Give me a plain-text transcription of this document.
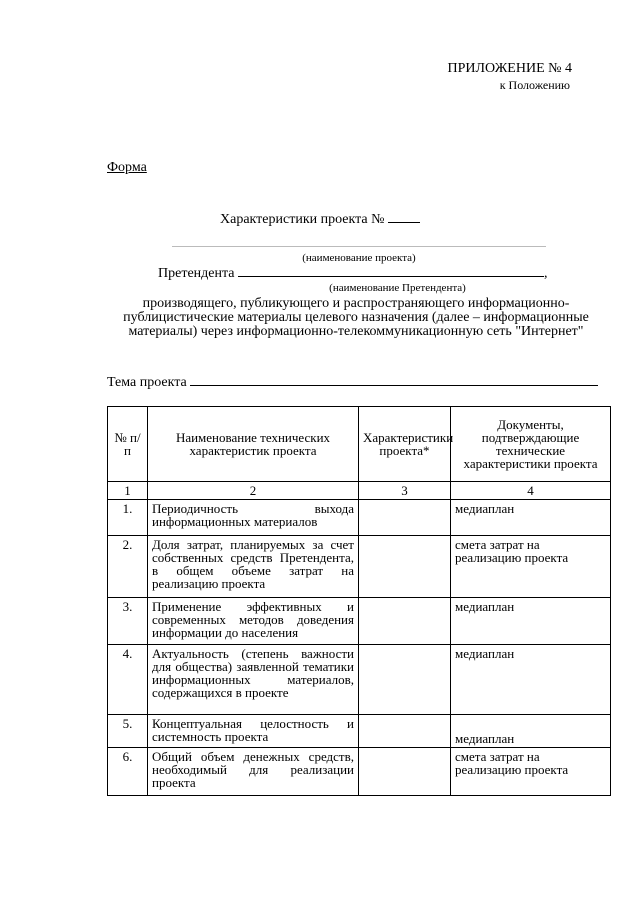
ПРИЛОЖЕНИЕ № 4
к Положению
Форма
Характеристики проекта №
(наименование проекта)
Претендента	,
(наименование Претендента)
производящего, публикующего и распространяющего информационно-публицистические материалы целевого назначения (далее – информационные материалы) через информационно-телекоммуникационную сеть "Интернет"
Тема проекта
№ п/п	Наименование технических характеристик проекта	Характеристики проекта*	Документы, подтверждающие технические характеристики проекта
1	2	3	4
1.	Периодичность выхода информационных материалов		медиаплан
2.	Доля затрат, планируемых за счет собственных средств Претендента, в общем объеме затрат на реализацию проекта		смета затрат на реализацию проекта
3.	Применение эффективных и современных методов доведения информации до населения		медиаплан
4.	Актуальность (степень важности для общества) заявленной тематики информационных материалов, содержащихся в проекте		медиаплан
5.	Концептуальная целостность и системность проекта		медиаплан
6.	Общий объем денежных средств, необходимый для реализации проекта		смета затрат на реализацию проекта
